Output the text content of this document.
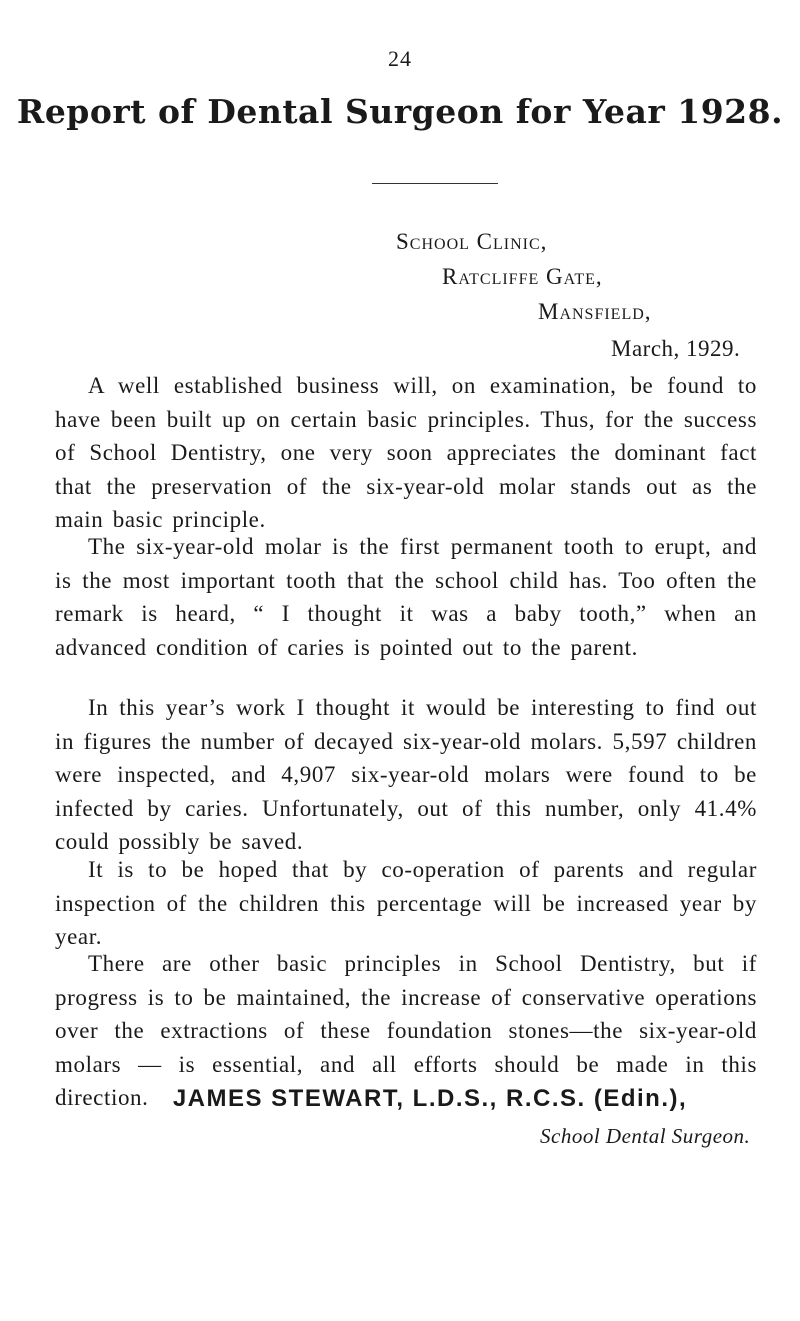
24
Report of Dental Surgeon for Year 1928.
School Clinic,
Ratcliffe Gate,
Mansfield,
March, 1929.

A well established business will, on examination, be found to have been built up on certain basic principles. Thus, for the success of School Dentistry, one very soon appreciates the dominant fact that the preservation of the six-year-old molar stands out as the main basic principle.

The six-year-old molar is the first permanent tooth to erupt, and is the most important tooth that the school child has. Too often the remark is heard, “ I thought it was a baby tooth,” when an advanced condition of caries is pointed out to the parent.

In this year’s work I thought it would be interesting to find out in figures the number of decayed six-year-old molars. 5,597 children were inspected, and 4,907 six-year-old molars were found to be infected by caries. Unfortunately, out of this number, only 41.4% could possibly be saved.

It is to be hoped that by co-operation of parents and regular inspection of the children this percentage will be increased year by year.

There are other basic principles in School Dentistry, but if progress is to be maintained, the increase of conservative operations over the extractions of these foundation stones—the six-year-old molars — is essential, and all efforts should be made in this direction.	JAMES STEWART, L.D.S., R.C.S. (Edin.),
School Dental Surgeon.
